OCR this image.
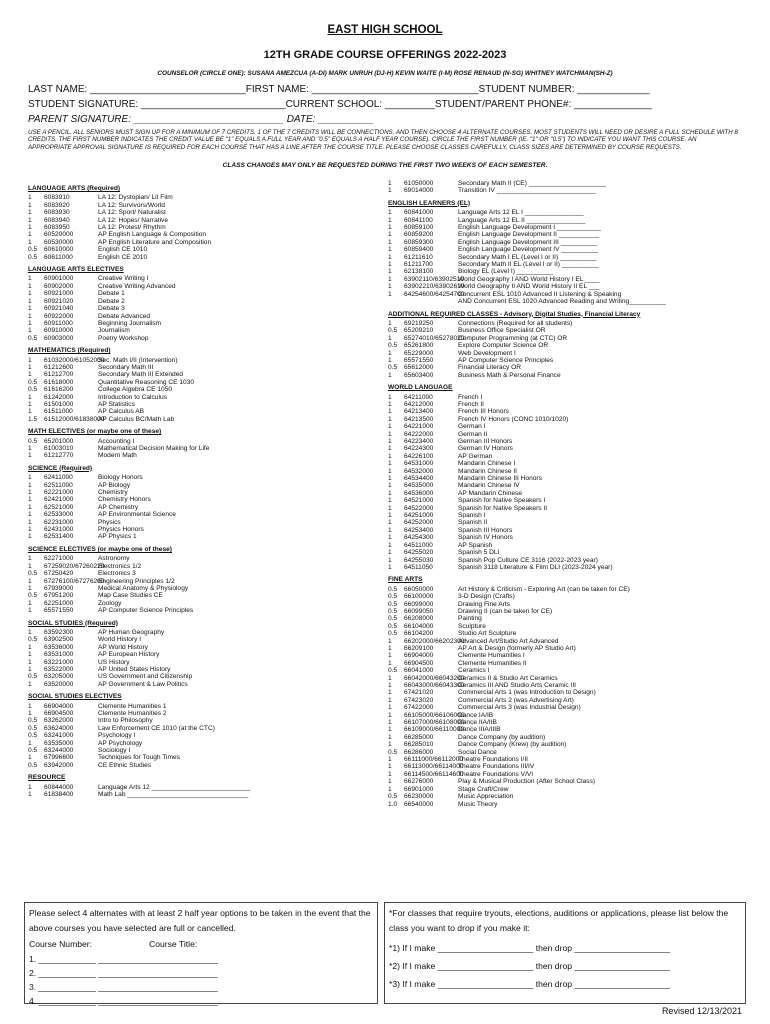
EAST HIGH SCHOOL
12TH GRADE COURSE OFFERINGS 2022-2023
COUNSELOR (CIRCLE ONE): SUSANA AMEZCUA (A-DI) MARK UNRUH (DJ-H) KEVIN WAITE (I-M) ROSE RENAUD (N-SG) WHITNEY WATCHMAN(SH-Z)
LAST NAME: ____________________________FIRST NAME: ______________________________STUDENT NUMBER: _____________
STUDENT SIGNATURE: __________________________CURRENT SCHOOL: _________STUDENT/PARENT PHONE#: ______________
PARENT SIGNATURE: ___________________________ DATE: __________
USE A PENCIL. ALL SENIORS MUST SIGN UP FOR A MINIMUM OF 7 CREDITS. 1 OF THE 7 CREDITS WILL BE CONNECTIONS. AND THEN CHOOSE 4 ALTERNATE COURSES. MOST STUDENTS WILL NEED OR DESIRE A FULL SCHEDULE WITH 8 CREDITS. THE FIRST NUMBER INDICATES THE CREDIT VALUE BE "1" EQUALS A FULL YEAR AND "0.5" EQUALS A HALF YEAR COURSE). CIRCLE THE FIRST NUMBER (IE. "1" OR "0.5") TO INDICATE YOU WANT THIS COURSE. AN APPROPRIATE APPROVAL SIGNATURE IS REQUIRED FOR EACH COURSE THAT HAS A LINE AFTER THE COURSE TITLE. PLEASE CHOOSE CLASSES CAREFULLY. CLASS SIZES ARE DETERMINED BY COURSE REQUESTS.
CLASS CHANGES MAY ONLY BE REQUESTED DURING THE FIRST TWO WEEKS OF EACH SEMESTER.
LANGUAGE ARTS (Required)
1	6083910	LA 12: Dystopian/ Lit Film
1	6083920	LA 12: Survivors/World
1	6083930	LA 12: Sport/ Naturalist
1	6083940	LA 12: Hopes/ Narrative
1	6083950	LA 12: Protest/ Rhythm
1	60520000	AP English Language & Composition
1	60530000	AP English Literature and Composition
0.5	60610000	English CE 1010
0.5	60611000	English CE 2010
LANGUAGE ARTS ELECTIVES
1	60901000	Creative Writing I
1	60902000	Creative Writing Advanced
1	60921000	Debate 1
1	60921020	Debate 2
1	60921040	Debate 3
1	60922000	Debate Advanced
1	60911000	Beginning Journalism
1	60910000	Journalism
0.5	60903000	Poetry Workshop
MATHEMATICS (Required)
1	61032000/61052000
Sec. Math I/II (Intervention)
1	61212600	Secondary Math III
1	61212700	Secondary Math III Extended
0.5	61618000	Quantitative Reasoning CE 1030
0.5	61616200	College Algebra CE 1050
1	61242000	Introduction to Calculus
1	61501000	AP Statistics
1	61511000	AP Calculus AB
1.5	61512000/61838000
AP Calculus BC/Math Lab
MATH ELECTIVES (or maybe one of these)
0.5	65201000	Accounting I
1	61003010	Mathematical Decision Making for Life
1	61212770	Modern Math
SCIENCE (Required)
1	62411000	Biology Honors
1	62511000	AP Biology
1	62221000	Chemistry
1	62421000	Chemistry Honors
1	62521000	AP Chemistry
1	62533000	AP Environmental Science
1	62231000	Physics
1	62431000	Physics Honors
1	62531400	AP Physics 1
SCIENCE ELECTIVES (or maybe one of these)
1	62271000	Astronomy
1	67259020/67260220
Electronics 1/2
0.5	67250420	Electronics 3
1	67276100/67276200
Engineering Principles 1/2
1	67939000	Medical Anatomy & Physiology
0.5	67951200	Map Case Studies CE
1	62251000	Zoology
1	65571550	AP Computer Science Principles
SOCIAL STUDIES (Required)
1	63592300	AP Human Geography
0.5	63902500	World History I
1	63536000	AP World History
1	63531000	AP European History
1	63221000	US History
1	63522000	AP United States History
0.5	63205000	US Government and Citizenship
1	63520000	AP Government & Law Politics
SOCIAL STUDIES ELECTIVES
1	66904000	Clemente Humanities 1
1	66904500	Clemente Humanities 2
0.5	63262000	Intro to Philosophy
0.5	63624000	Law Enforcement CE 1010 (at the CTC)
0.5	63241000	Psychology I
1	63535000	AP Psychology
0.5	63244000	Sociology I
1	67996600	Techniques for Tough Times
0.5	63942000	CE Ethnic Studies
RESOURCE
1	60844000	Language Arts 12 ___________________________
1	61838400	Math Lab _________________________________
1	61050000	Secondary Math II (CE) _____________________
1	69014000	Transition IV ___________________________
ENGLISH LEARNERS (EL)
1	60841000	Language Arts 12 EL I ________________
1	60841100	Language Arts 12 EL II ________________
1	60859100	English Language Development I ____________
1	60859200	English Language Development II ___________
1	60859300	English Language Development III __________
1	60859400	English Language Development IV __________
1	61211610	Secondary Math I EL (Level I or II) __________
1	61211700	Secondary Math II EL (Level I or II) __________
1	62138100	Biology EL (Level I) __________
1	63902110/63902510
World Geography I AND World History I EL ____
1	63902210/63902610
World Geography II AND World History II EL ___
1	64254600/64254700
Concurrent ESL 1010 Advanced II Listening & Speaking
AND Concurrent ESL 1020 Advanced Reading and Writing__________
ADDITIONAL REQUIRED CLASSES - Advisory, Digital Studies, Financial Literacy
1	69219250	Connections (Required for all students)
0.5	65209210	Business Office Specialist OR
1	65274010/65278020
Computer Programming (at CTC) OR
0.5	65261800	Explore Computer Science OR
1	65229000	Web Development I
1	65571550	AP Computer Science Principles
0.5	65612000	Financial Literacy OR
1	65603400	Business Math & Personal Finance
WORLD LANGUAGE
1	64211000	French I
1	64212000	French II
1	64213400	French III Honors
1	64213500	French IV Honors (CONC 1010/1020)
1	64221000	German I
1	64222000	German II
1	64223400	German III Honors
1	64224300	German IV Honors
1	64226100	AP German
1	64531000	Mandarin Chinese I
1	64532000	Mandarin Chinese II
1	64534400	Mandarin Chinese III Honors
1	64535000	Mandarin Chinese IV
1	64536000	AP Mandarin Chinese
1	64521000	Spanish for Native Speakers I
1	64522000	Spanish for Native Speakers II
1	64251000	Spanish I
1	64252000	Spanish II
1	64253400	Spanish III Honors
1	64254300	Spanish IV Honors
1	64511000	AP Spanish
1	64255020	Spanish 5 DLI
1	64255030	Spanish Pop Culture CE 3116 (2022-2023 year)
1	64511050	Spanish 3118 Literature & Film DLI (2023-2024 year)
FINE ARTS
0.5	66050000	Art History & Criticism - Exploring Art (can be taken for CE)
0.5	66100000	3-D Design (Crafts)
0.5	66099000	Drawing Fine Arts
0.5	66099050	Drawing II (can be taken for CE)
0.5	66208000	Painting
0.5	66104000	Sculpture
0.5	66104200	Studio Art Sculpture
1	66202000/66202300
Advanced Art/Studio Art Advanced
1	66209100	AP Art & Design (formerly AP Studio Art)
1	66904000	Clemente Humanities I
1	66904500	Clemente Humanities II
0.5	66041000	Ceramics I
1	66042000/66043200
Ceramics II & Studio Art Ceramics
1	66043000/66043300
Ceramics III AND Studio Arts Ceramic III
1	67421020	Commercial Arts 1 (was Introduction to Design)
1	67423020	Commercial Arts 2 (was Advertising Art)
1	67422000	Commercial Arts 3 (was Industrial Design)
1	66105000/66106000
Dance IA/IB
1	66107000/66108000
Dance IIA/IIB
1	66109000/66110000
Dance IIIA/IIIB
1	66285000	Dance Company (by audition)
1	66285010	Dance Company (Krew) (by audition)
0.5	66286000	Social Dance
1	66111000/66112000
Theatre Foundations I/II
1	66113000/66114000
Theatre Foundations III/IV
1	66114500/66114600
Theatre Foundations V/VI
1	66276000	Play & Musical Production (After School Class)
1	66901000	Stage Craft/Crew
0.5	66230000	Music Appreciation
1.0	66540000	Music Theory
Please select 4 alternates with at least 2 half year options to be taken in the event that the above courses you have selected are full or cancelled.
Course Number:	Course Title:
1. ____________ _________________________
2. ____________ _________________________
3. ____________ _________________________
4. ____________ _________________________
*For classes that require tryouts, elections, auditions or applications, please list below the class you want to drop if you make it:
*1) If I make ____________________ then drop ____________________
*2) If I make ____________________ then drop ____________________
*3) If I make ____________________ then drop ____________________
Revised 12/13/2021
